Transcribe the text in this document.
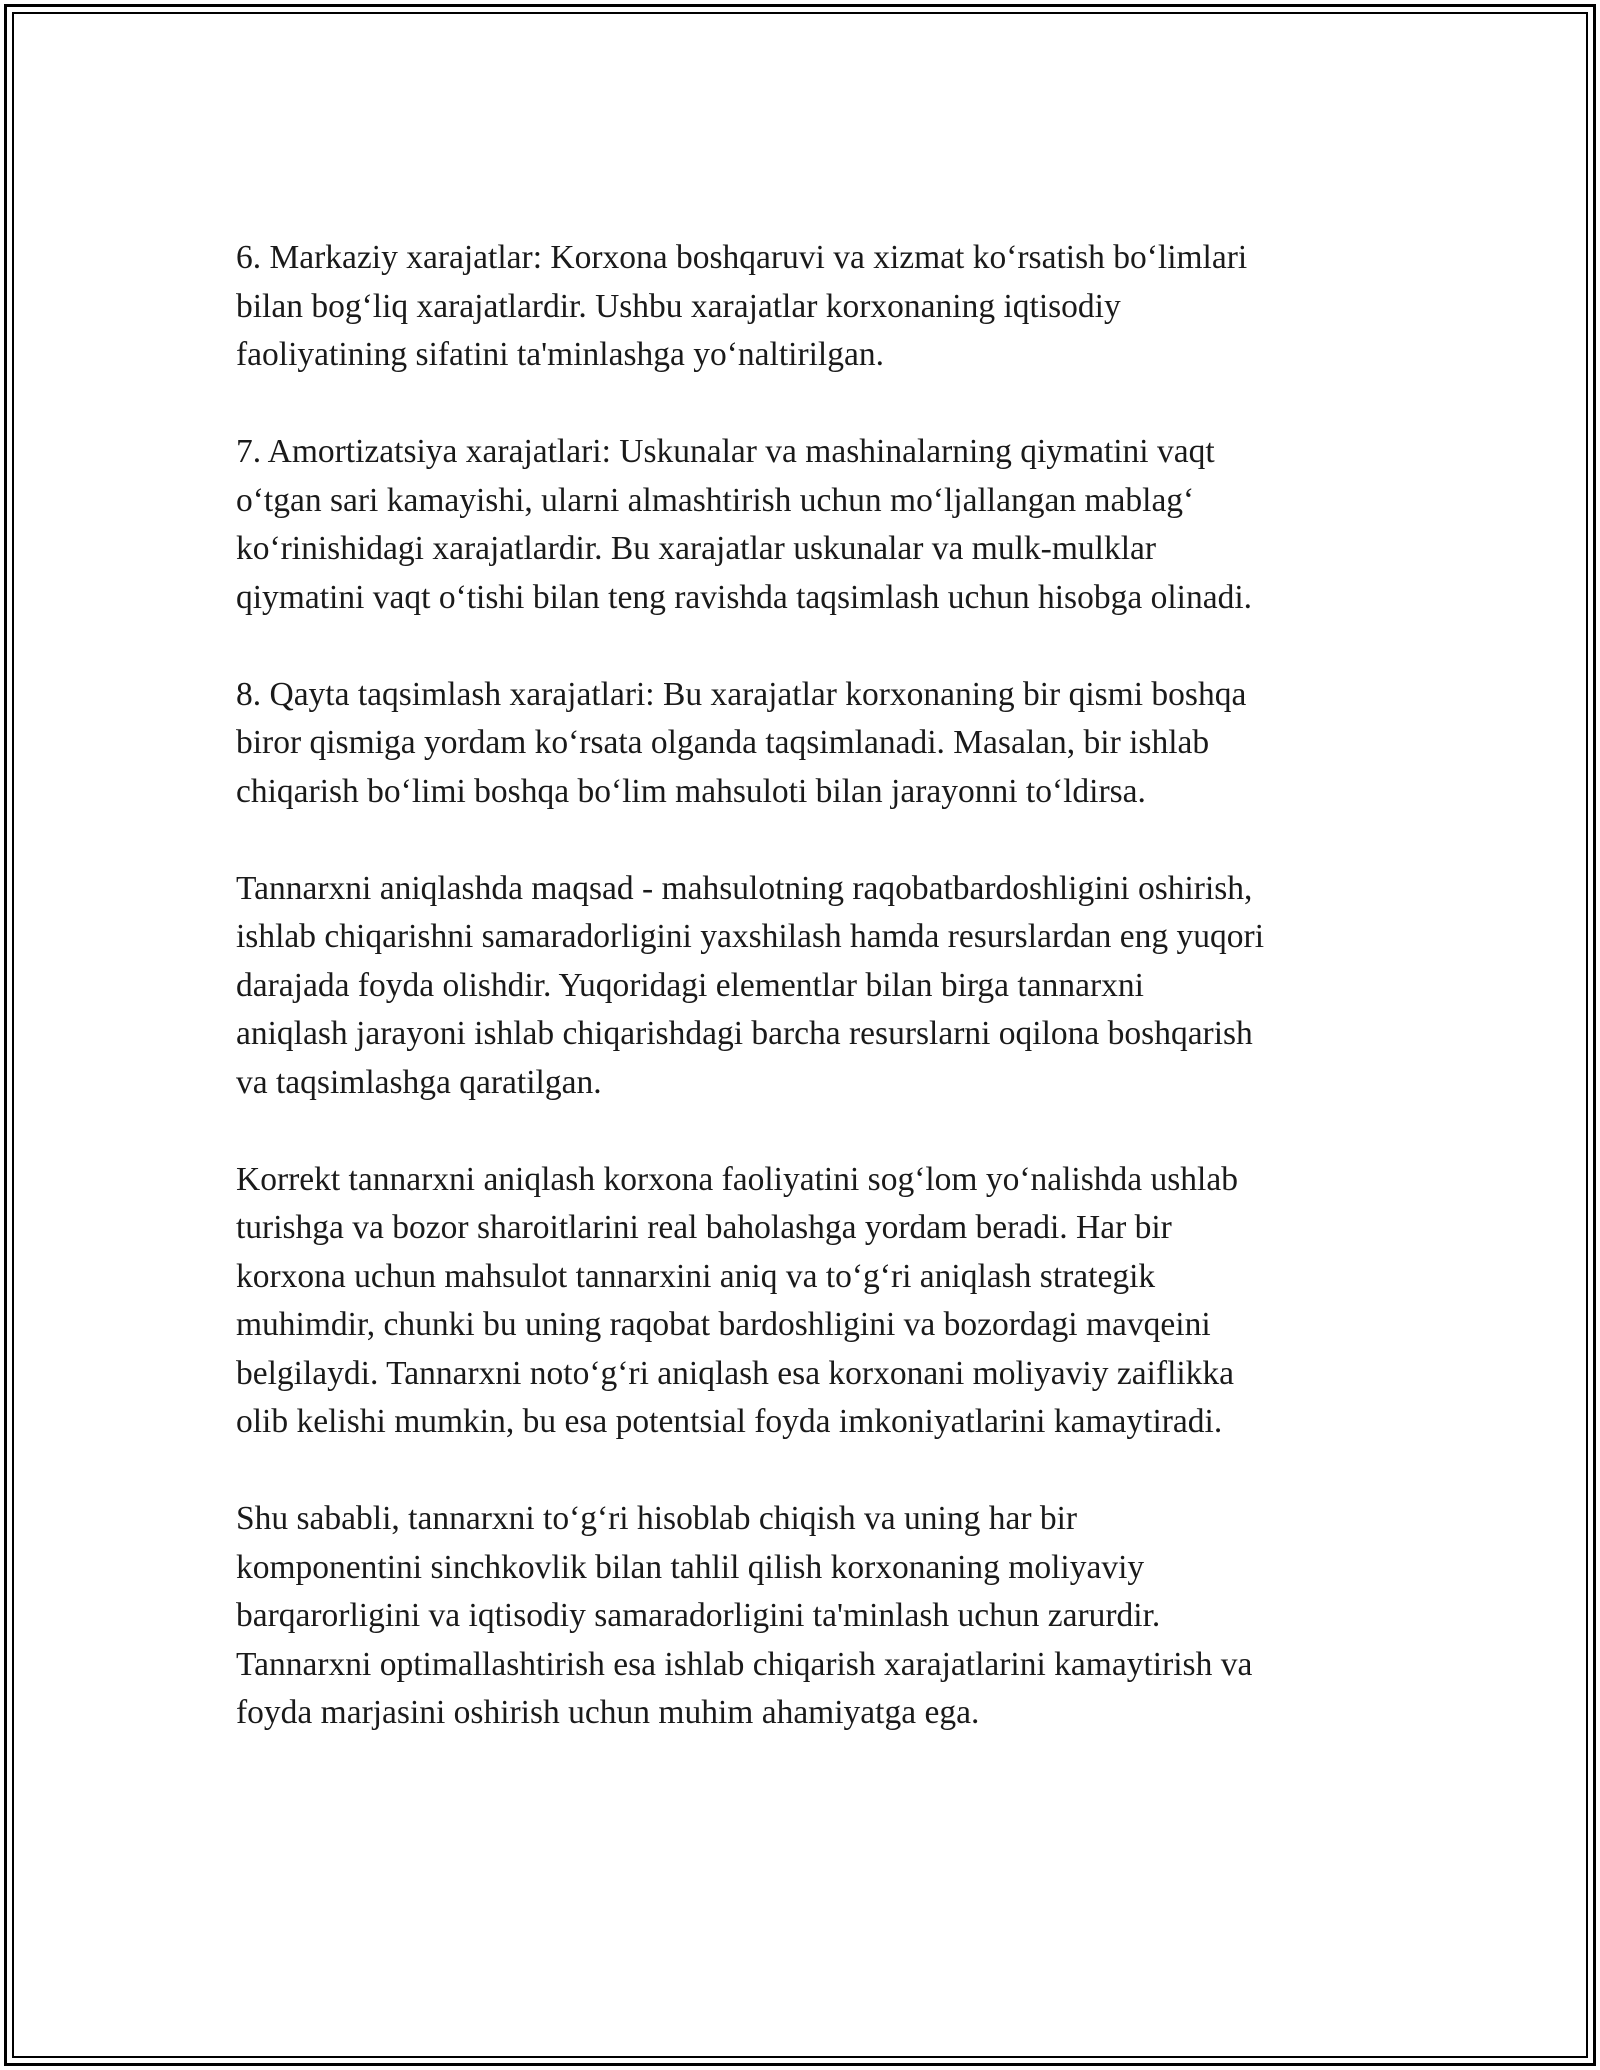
6. Markaziy xarajatlar: Korxona boshqaruvi va xizmat ko‘rsatish bo‘limlari
bilan bog‘liq xarajatlardir. Ushbu xarajatlar korxonaning iqtisodiy
faoliyatining sifatini ta'minlashga yo‘naltirilgan.

7. Amortizatsiya xarajatlari: Uskunalar va mashinalarning qiymatini vaqt
o‘tgan sari kamayishi, ularni almashtirish uchun mo‘ljallangan mablag‘
ko‘rinishidagi xarajatlardir. Bu xarajatlar uskunalar va mulk-mulklar
qiymatini vaqt o‘tishi bilan teng ravishda taqsimlash uchun hisobga olinadi.

8. Qayta taqsimlash xarajatlari: Bu xarajatlar korxonaning bir qismi boshqa
biror qismiga yordam ko‘rsata olganda taqsimlanadi. Masalan, bir ishlab
chiqarish bo‘limi boshqa bo‘lim mahsuloti bilan jarayonni to‘ldirsa.

Tannarxni aniqlashda maqsad - mahsulotning raqobatbardoshligini oshirish,
ishlab chiqarishni samaradorligini yaxshilash hamda resurslardan eng yuqori
darajada foyda olishdir. Yuqoridagi elementlar bilan birga tannarxni
aniqlash jarayoni ishlab chiqarishdagi barcha resurslarni oqilona boshqarish
va taqsimlashga qaratilgan.

Korrekt tannarxni aniqlash korxona faoliyatini sog‘lom yo‘nalishda ushlab
turishga va bozor sharoitlarini real baholashga yordam beradi. Har bir
korxona uchun mahsulot tannarxini aniq va to‘g‘ri aniqlash strategik
muhimdir, chunki bu uning raqobat bardoshligini va bozordagi mavqeini
belgilaydi. Tannarxni noto‘g‘ri aniqlash esa korxonani moliyaviy zaiflikka
olib kelishi mumkin, bu esa potentsial foyda imkoniyatlarini kamaytiradi.

Shu sababli, tannarxni to‘g‘ri hisoblab chiqish va uning har bir
komponentini sinchkovlik bilan tahlil qilish korxonaning moliyaviy
barqarorligini va iqtisodiy samaradorligini ta'minlash uchun zarurdir.
Tannarxni optimallashtirish esa ishlab chiqarish xarajatlarini kamaytirish va
foyda marjasini oshirish uchun muhim ahamiyatga ega.
